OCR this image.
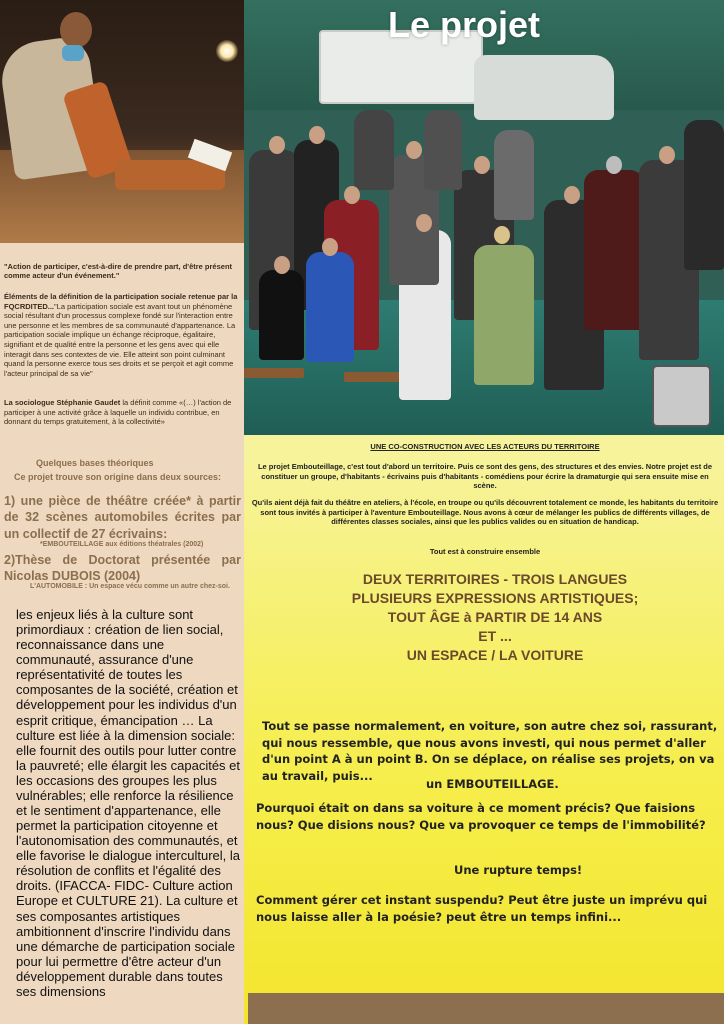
"Action de participer, c'est-à-dire de prendre part, d'être présent comme acteur d'un événement."
Éléments de la définition de la participation sociale retenue par la FQCRDITED..."La participation sociale est avant tout un phénomène social résultant d'un processus complexe fondé sur l'interaction entre une personne et les membres de sa communauté d'appartenance. La participation sociale implique un échange réciproque, égalitaire, signifiant et de qualité entre la personne et les gens avec qui elle interagit dans ses contextes de vie. Elle atteint son point culminant quand la personne exerce tous ses droits et se perçoit et agit comme l'acteur principal de sa vie"
La sociologue Stéphanie Gaudet la définit comme «(…) l'action de participer à une activité grâce à laquelle un individu contribue, en donnant du temps gratuitement, à la collectivité»
Quelques bases théoriques
Ce projet trouve son origine dans deux sources:
1) une pièce de théâtre créée* à partir de 32 scènes automobiles écrites par un collectif de 27 écrivains:
*EMBOUTEILLAGE aux éditions théatrales (2002)
2)Thèse de Doctorat présentée par Nicolas DUBOIS (2004)
L'AUTOMOBILE : Un espace vécu comme un autre chez-soi.
les enjeux liés à la culture sont primordiaux : création de lien social, reconnaissance dans une communauté, assurance d'une représentativité de toutes les composantes de la société, création et développement pour les individus d'un esprit critique, émancipation … La culture est liée à la dimension sociale: elle fournit des outils pour lutter contre la pauvreté; elle élargit les capacités et les occasions des groupes les plus vulnérables; elle renforce la résilience et le sentiment d'appartenance, elle permet la participation citoyenne et l'autonomisation des communautés, et elle favorise le dialogue interculturel, la résolution de conflits et l'égalité des droits. (IFACCA- FIDC- Culture action Europe et CULTURE 21). La culture et ses composantes artistiques ambitionnent d'inscrire l'individu dans une démarche de participation sociale pour lui permettre d'être acteur d'un développement durable dans toutes ses dimensions
Le projet
UNE CO-CONSTRUCTION AVEC LES ACTEURS DU TERRITOIRE
Le projet Embouteillage, c'est tout d'abord un territoire. Puis ce sont des gens, des structures et des envies. Notre projet est de constituer un groupe, d'habitants - écrivains puis d'habitants - comédiens pour écrire la dramaturgie qui sera ensuite mise en scène.
Qu'ils aient déjà fait du théâtre en ateliers, à l'école, en troupe ou qu'ils découvrent totalement ce monde, les habitants du territoire sont tous invités à participer à l'aventure Embouteillage. Nous avons à cœur de mélanger les publics de différents villages, de différentes classes sociales, ainsi que les publics valides ou en situation de handicap.
Tout est à construire ensemble
DEUX TERRITOIRES - TROIS LANGUES
PLUSIEURS EXPRESSIONS ARTISTIQUES;
TOUT ÂGE à PARTIR DE 14 ANS
ET ...
UN ESPACE / LA VOITURE
Tout se passe normalement, en voiture, son autre chez soi, rassurant, qui nous ressemble, que nous avons investi, qui nous permet d'aller d'un point A à un point B. On se déplace, on réalise ses projets, on va au travail, puis...
un EMBOUTEILLAGE.
Pourquoi était on dans sa voiture à ce moment précis? Que faisions nous? Que disions nous? Que va provoquer ce temps de l'immobilité?
Une rupture temps!
Comment gérer cet instant suspendu? Peut être juste un imprévu qui nous laisse aller à la poésie? peut être un temps infini...
